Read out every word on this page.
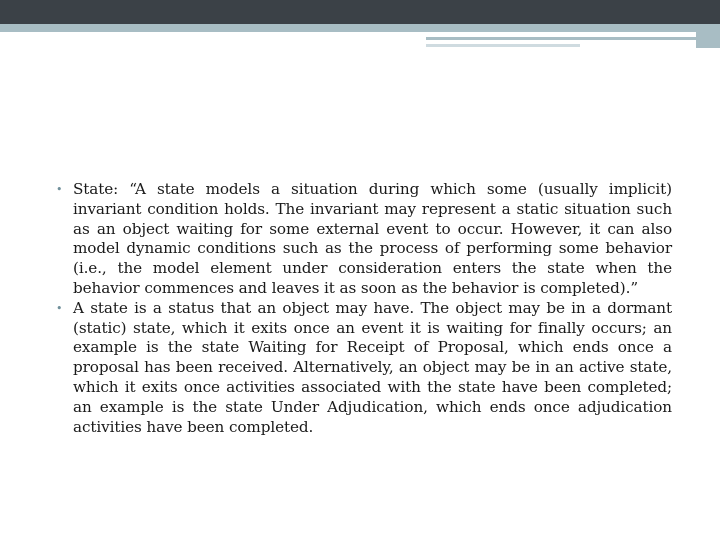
• State: “A state models a situation during which some (usually implicit) invariant condition holds. The invariant may represent a static situation such as an object waiting for some external event to occur. However, it can also model dynamic conditions such as the process of performing some behavior (i.e., the model element under consideration enters the state when the behavior commences and leaves it as soon as the behavior is completed).”
• A state is a status that an object may have. The object may be in a dormant (static) state, which it exits once an event it is waiting for finally occurs; an example is the state Waiting for Receipt of Proposal, which ends once a proposal has been received. Alternatively, an object may be in an active state, which it exits once activities associated with the state have been completed; an example is the state Under Adjudication, which ends once adjudication activities have been completed.
